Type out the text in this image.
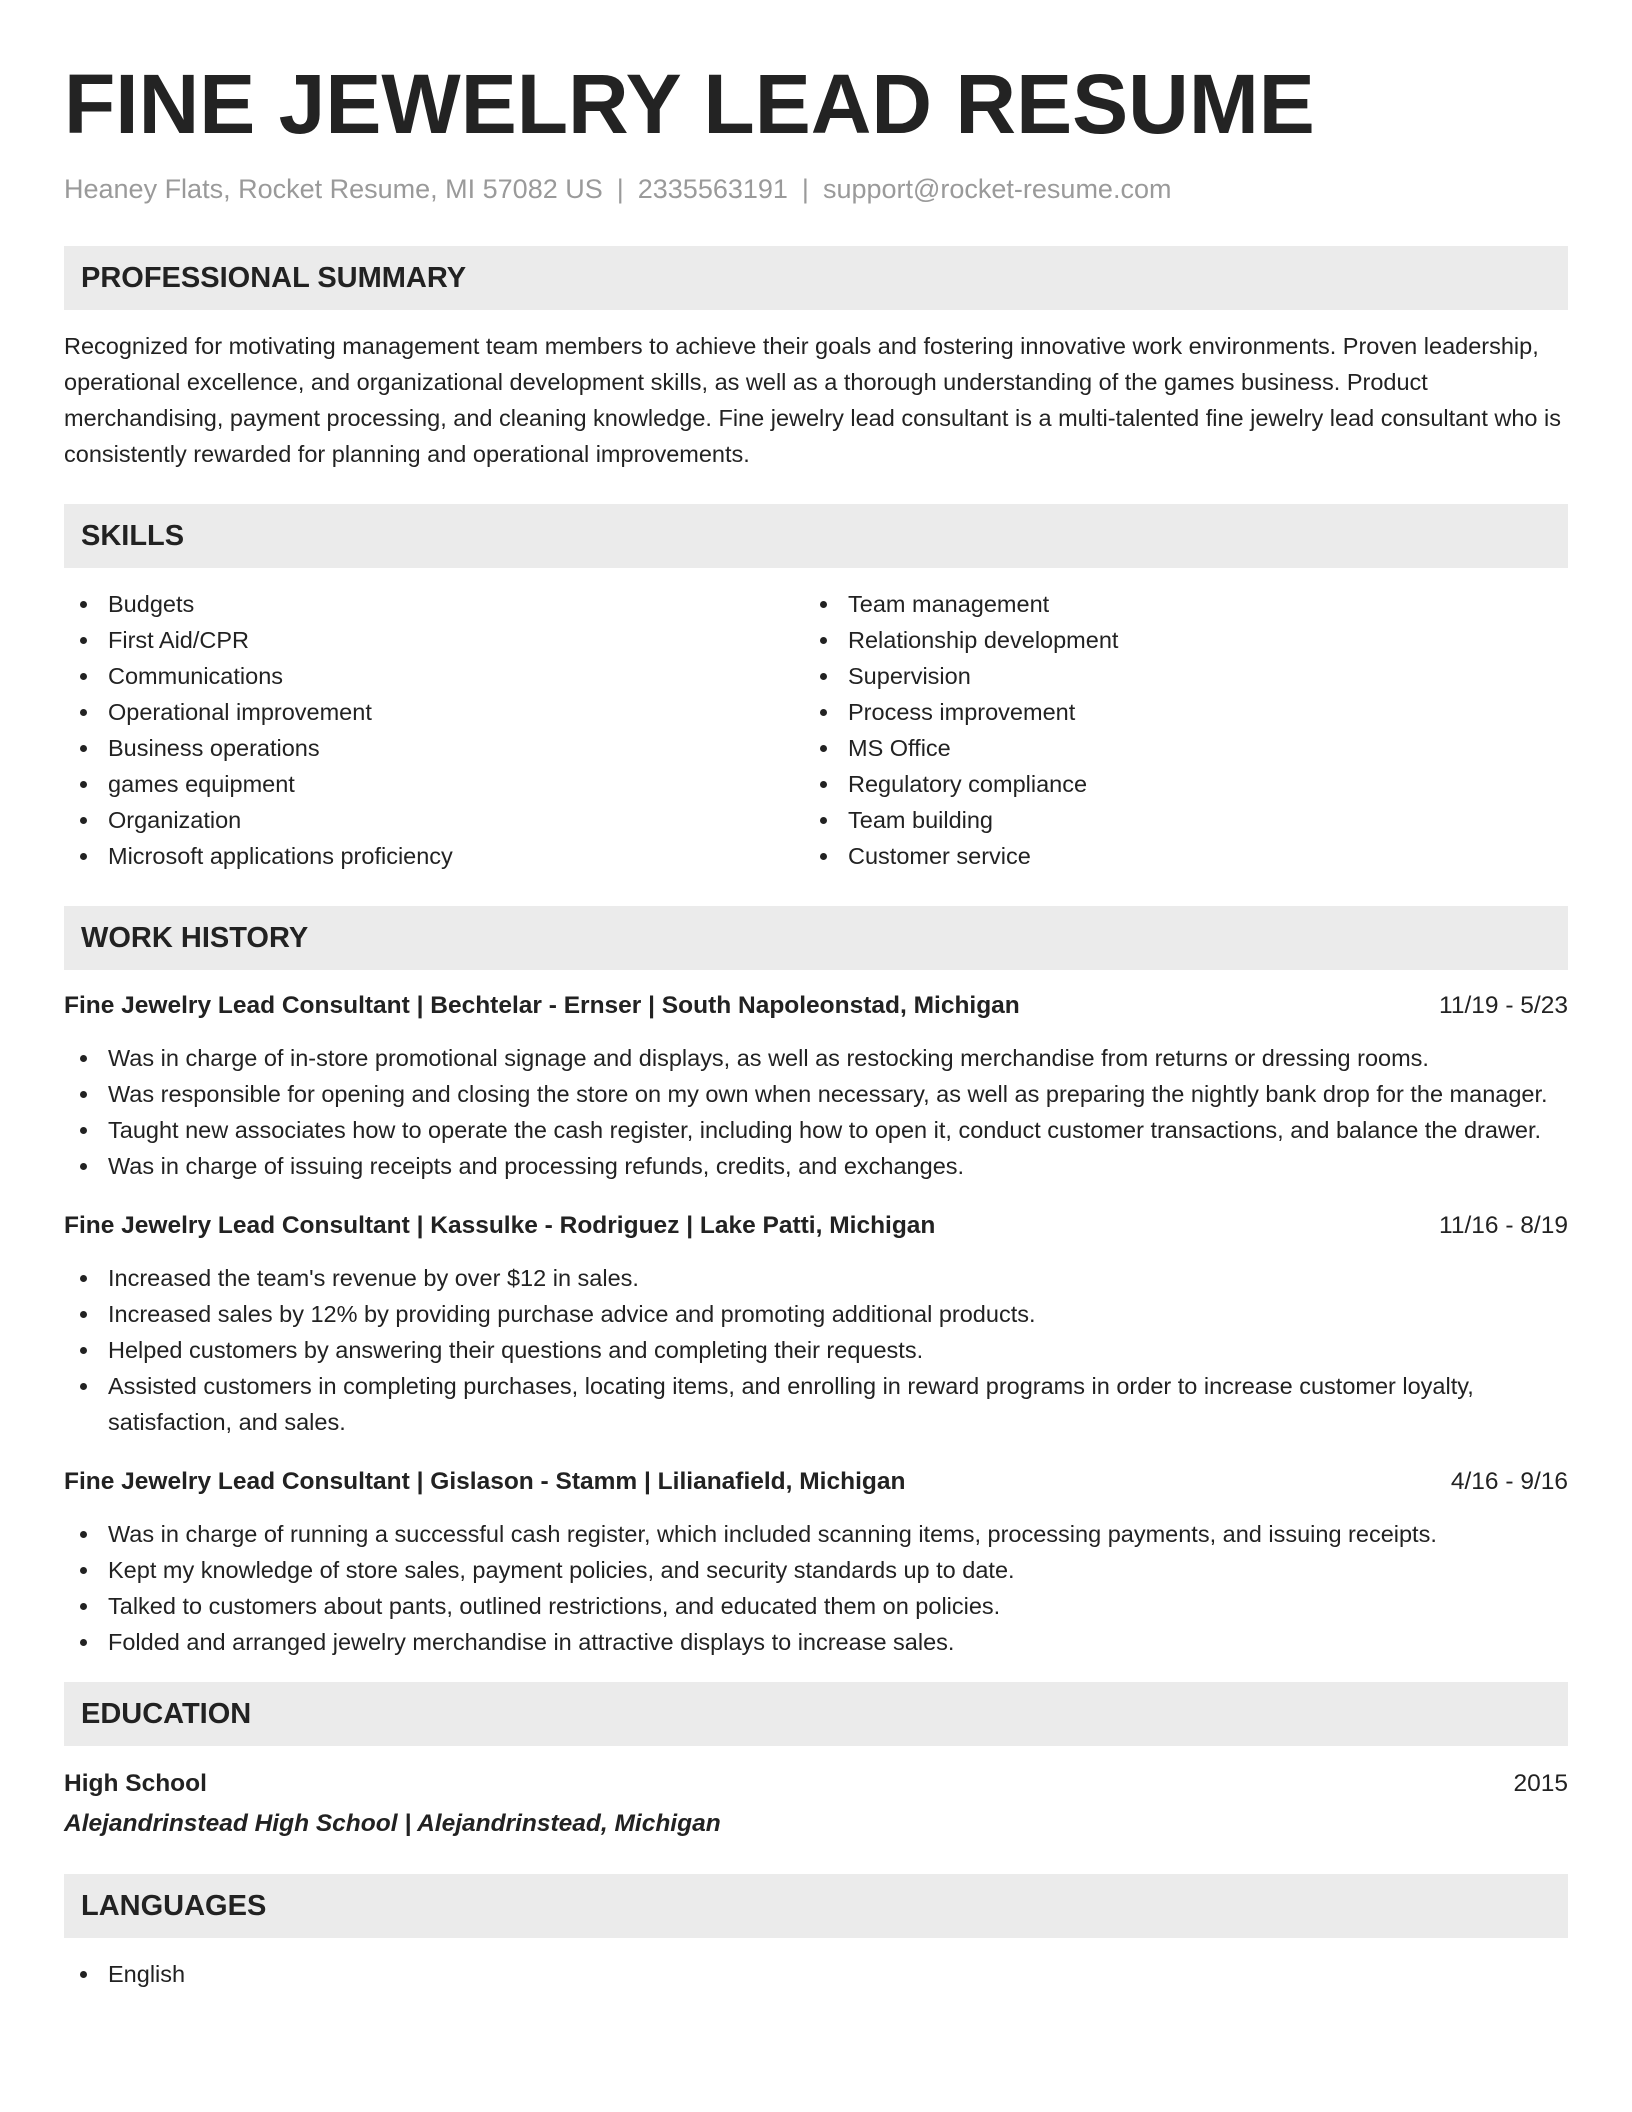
FINE JEWELRY LEAD RESUME
Heaney Flats, Rocket Resume, MI 57082 US | 2335563191 | support@rocket-resume.com
PROFESSIONAL SUMMARY

Recognized for motivating management team members to achieve their goals and fostering innovative work environments. Proven leadership, operational excellence, and organizational development skills, as well as a thorough understanding of the games business. Product merchandising, payment processing, and cleaning knowledge. Fine jewelry lead consultant is a multi-talented fine jewelry lead consultant who is consistently rewarded for planning and operational improvements.

SKILLS
Budgets
First Aid/CPR
Communications
Operational improvement
Business operations
games equipment
Organization
Microsoft applications proficiency
Team management
Relationship development
Supervision
Process improvement
MS Office
Regulatory compliance
Team building
Customer service
WORK HISTORY
Fine Jewelry Lead Consultant | Bechtelar - Ernser | South Napoleonstad, Michigan	11/19 - 5/23
Was in charge of in-store promotional signage and displays, as well as restocking merchandise from returns or dressing rooms.
Was responsible for opening and closing the store on my own when necessary, as well as preparing the nightly bank drop for the manager.
Taught new associates how to operate the cash register, including how to open it, conduct customer transactions, and balance the drawer.
Was in charge of issuing receipts and processing refunds, credits, and exchanges.
Fine Jewelry Lead Consultant | Kassulke - Rodriguez | Lake Patti, Michigan	11/16 - 8/19
Increased the team's revenue by over $12 in sales.
Increased sales by 12% by providing purchase advice and promoting additional products.
Helped customers by answering their questions and completing their requests.
Assisted customers in completing purchases, locating items, and enrolling in reward programs in order to increase customer loyalty, satisfaction, and sales.
Fine Jewelry Lead Consultant | Gislason - Stamm | Lilianafield, Michigan	4/16 - 9/16
Was in charge of running a successful cash register, which included scanning items, processing payments, and issuing receipts.
Kept my knowledge of store sales, payment policies, and security standards up to date.
Talked to customers about pants, outlined restrictions, and educated them on policies.
Folded and arranged jewelry merchandise in attractive displays to increase sales.
EDUCATION
High School	2015
Alejandrinstead High School | Alejandrinstead, Michigan
LANGUAGES
English
